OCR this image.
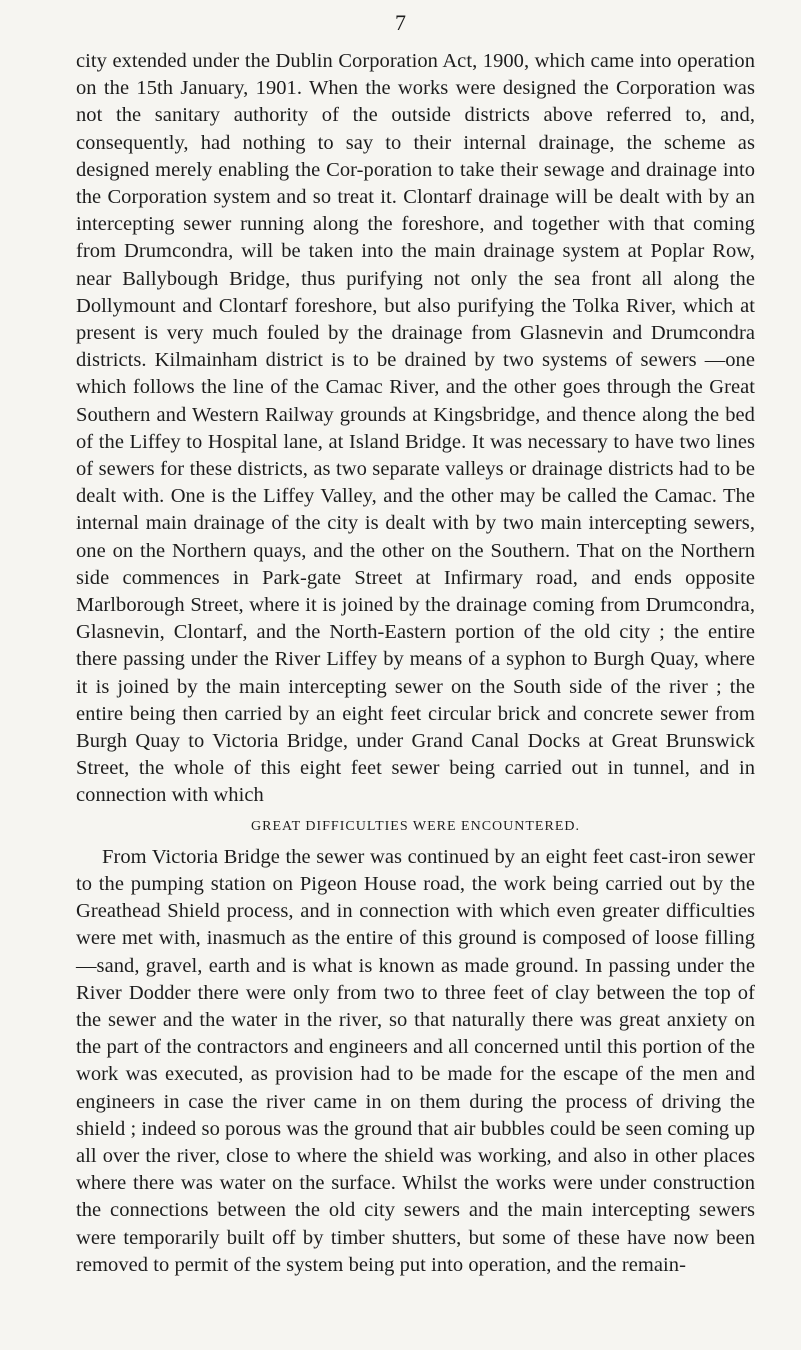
7

city extended under the Dublin Corporation Act, 1900, which came into operation on the 15th January, 1901. When the works were designed the Corporation was not the sanitary authority of the outside districts above referred to, and, consequently, had nothing to say to their internal drainage, the scheme as designed merely enabling the Cor-poration to take their sewage and drainage into the Corporation system and so treat it. Clontarf drainage will be dealt with by an intercepting sewer running along the foreshore, and together with that coming from Drumcondra, will be taken into the main drainage system at Poplar Row, near Ballybough Bridge, thus purifying not only the sea front all along the Dollymount and Clontarf foreshore, but also purifying the Tolka River, which at present is very much fouled by the drainage from Glasnevin and Drumcondra districts. Kilmainham district is to be drained by two systems of sewers —one which follows the line of the Camac River, and the other goes through the Great Southern and Western Railway grounds at Kingsbridge, and thence along the bed of the Liffey to Hospital lane, at Island Bridge. It was necessary to have two lines of sewers for these districts, as two separate valleys or drainage districts had to be dealt with. One is the Liffey Valley, and the other may be called the Camac. The internal main drainage of the city is dealt with by two main intercepting sewers, one on the Northern quays, and the other on the Southern. That on the Northern side commences in Park-gate Street at Infirmary road, and ends opposite Marlborough Street, where it is joined by the drainage coming from Drumcondra, Glasnevin, Clontarf, and the North-Eastern portion of the old city ; the entire there passing under the River Liffey by means of a syphon to Burgh Quay, where it is joined by the main intercepting sewer on the South side of the river ; the entire being then carried by an eight feet circular brick and concrete sewer from Burgh Quay to Victoria Bridge, under Grand Canal Docks at Great Brunswick Street, the whole of this eight feet sewer being carried out in tunnel, and in connection with which

GREAT DIFFICULTIES WERE ENCOUNTERED.

From Victoria Bridge the sewer was continued by an eight feet cast-iron sewer to the pumping station on Pigeon House road, the work being carried out by the Greathead Shield process, and in connection with which even greater difficulties were met with, inasmuch as the entire of this ground is composed of loose filling—sand, gravel, earth and is what is known as made ground. In passing under the River Dodder there were only from two to three feet of clay between the top of the sewer and the water in the river, so that naturally there was great anxiety on the part of the contractors and engineers and all concerned until this portion of the work was executed, as provision had to be made for the escape of the men and engineers in case the river came in on them during the process of driving the shield ; indeed so porous was the ground that air bubbles could be seen coming up all over the river, close to where the shield was working, and also in other places where there was water on the surface. Whilst the works were under construction the connections between the old city sewers and the main intercepting sewers were temporarily built off by timber shutters, but some of these have now been removed to permit of the system being put into operation, and the remain-
